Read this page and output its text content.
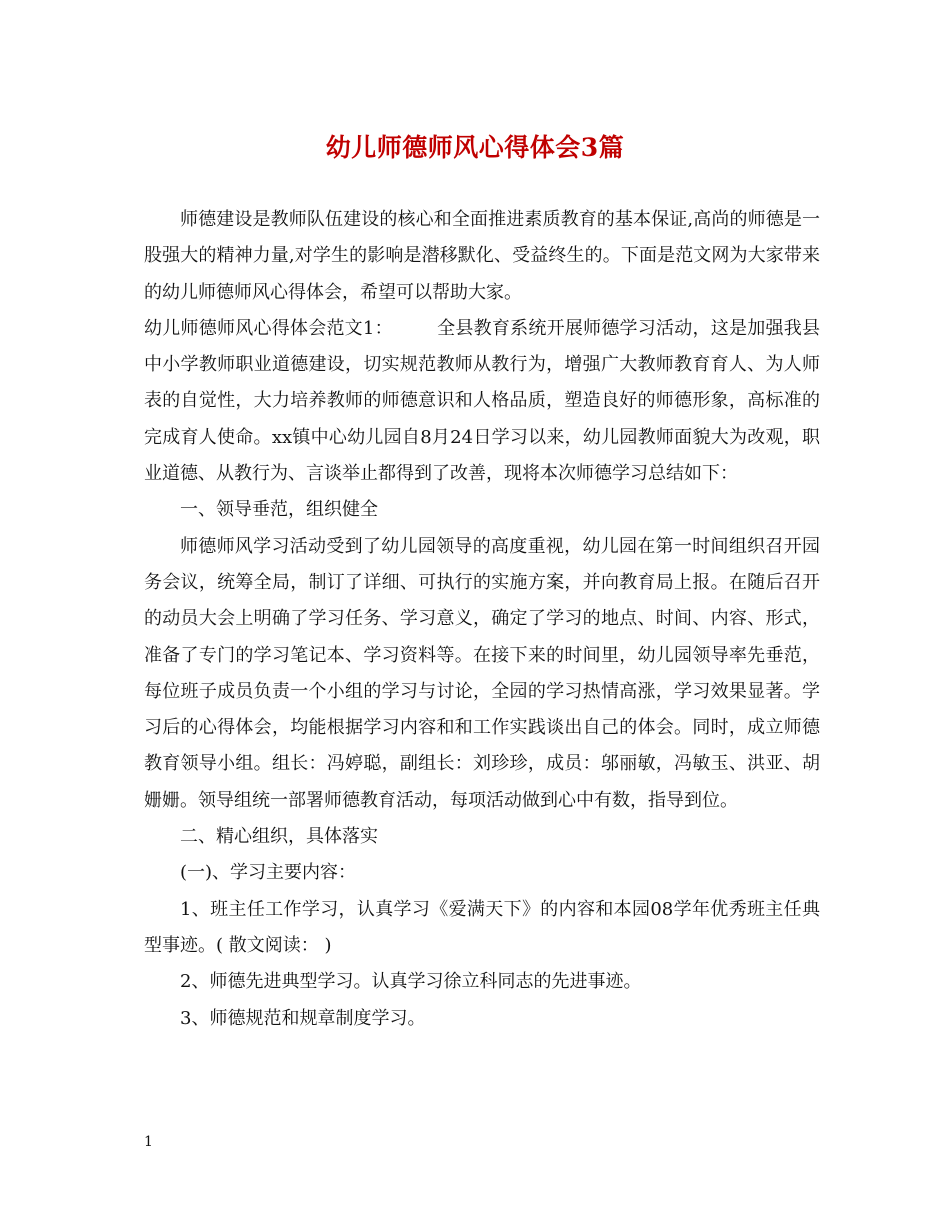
幼儿师德师风心得体会3篇

师德建设是教师队伍建设的核心和全面推进素质教育的基本保证,高尚的师德是一股强大的精神力量,对学生的影响是潜移默化、受益终生的。下面是范文网为大家带来的幼儿师德师风心得体会，希望可以帮助大家。

幼儿师德师风心得体会范文1： 全县教育系统开展师德学习活动，这是加强我县中小学教师职业道德建设，切实规范教师从教行为，增强广大教师教育育人、为人师表的自觉性，大力培养教师的师德意识和人格品质，塑造良好的师德形象，高标准的完成育人使命。xx镇中心幼儿园自8月24日学习以来，幼儿园教师面貌大为改观，职业道德、从教行为、言谈举止都得到了改善，现将本次师德学习总结如下：

一、领导垂范，组织健全

师德师风学习活动受到了幼儿园领导的高度重视，幼儿园在第一时间组织召开园务会议，统筹全局，制订了详细、可执行的实施方案，并向教育局上报。在随后召开的动员大会上明确了学习任务、学习意义，确定了学习的地点、时间、内容、形式，准备了专门的学习笔记本、学习资料等。在接下来的时间里，幼儿园领导率先垂范，每位班子成员负责一个小组的学习与讨论，全园的学习热情高涨，学习效果显著。学习后的心得体会，均能根据学习内容和和工作实践谈出自己的体会。同时，成立师德教育领导小组。组长：冯婷聪，副组长：刘珍珍，成员：邬丽敏，冯敏玉、洪亚、胡姗姗。领导组统一部署师德教育活动，每项活动做到心中有数，指导到位。

二、精心组织，具体落实

(一)、学习主要内容：

1、班主任工作学习，认真学习《爱满天下》的内容和本园08学年优秀班主任典型事迹。( 散文阅读： )

2、师德先进典型学习。认真学习徐立科同志的先进事迹。

3、师德规范和规章制度学习。

1
